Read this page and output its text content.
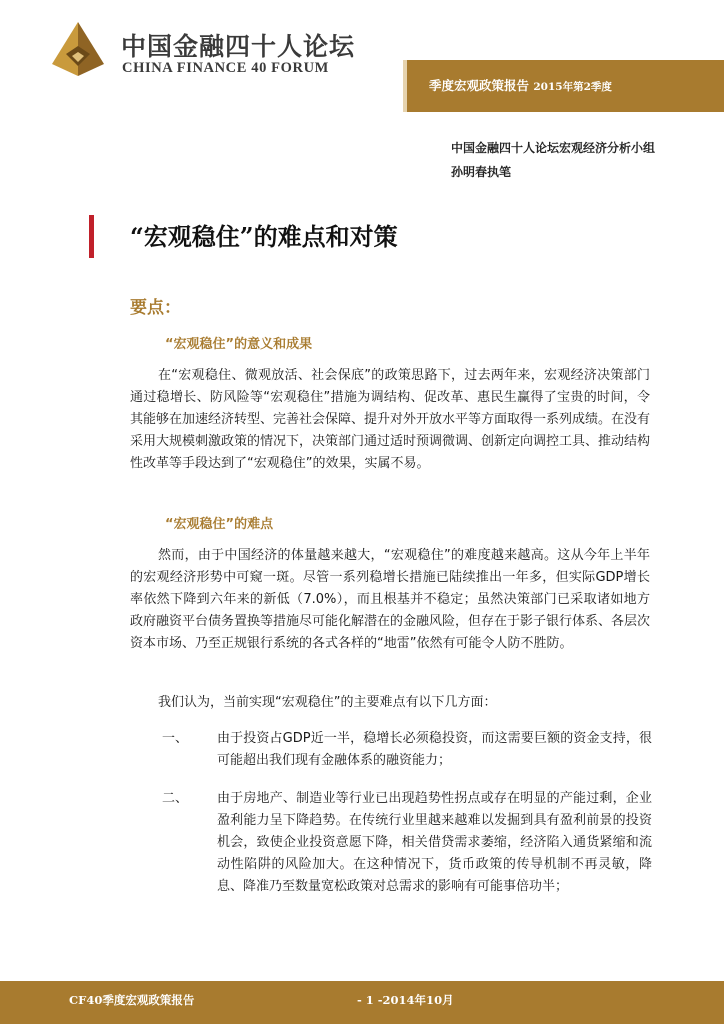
中国金融四十人论坛
CHINA FINANCE 40 FORUM
季度宏观政策报告 2015年第2季度
中国金融四十人论坛宏观经济分析小组
孙明春执笔
“宏观稳住”的难点和对策
要点：
“宏观稳住”的意义和成果
在“宏观稳住、微观放活、社会保底”的政策思路下，过去两年来，宏观经济决策部门通过稳增长、防风险等“宏观稳住”措施为调结构、促改革、惠民生赢得了宝贵的时间，令其能够在加速经济转型、完善社会保障、提升对外开放水平等方面取得一系列成绩。在没有采用大规模刺激政策的情况下，决策部门通过适时预调微调、创新定向调控工具、推动结构性改革等手段达到了“宏观稳住”的效果，实属不易。
“宏观稳住”的难点
然而，由于中国经济的体量越来越大，“宏观稳住”的难度越来越高。这从今年上半年的宏观经济形势中可窥一斑。尽管一系列稳增长措施已陆续推出一年多，但实际GDP增长率依然下降到六年来的新低（7.0%），而且根基并不稳定；虽然决策部门已采取诸如地方政府融资平台债务置换等措施尽可能化解潜在的金融风险，但存在于影子银行体系、各层次资本市场、乃至正规银行系统的各式各样的“地雷”依然有可能令人防不胜防。
我们认为，当前实现“宏观稳住”的主要难点有以下几方面：
一、 由于投资占GDP近一半，稳增长必须稳投资，而这需要巨额的资金支持，很可能超出我们现有金融体系的融资能力；
二、 由于房地产、制造业等行业已出现趋势性拐点或存在明显的产能过剩，企业盈利能力呈下降趋势。在传统行业里越来越难以发掘到具有盈利前景的投资机会，致使企业投资意愿下降，相关借贷需求萎缩，经济陷入通货紧缩和流动性陷阱的风险加大。在这种情况下，货币政策的传导机制不再灵敏，降息、降准乃至数量宽松政策对总需求的影响有可能事倍功半；
CF40季度宏观政策报告	- 1 -2014年10月
